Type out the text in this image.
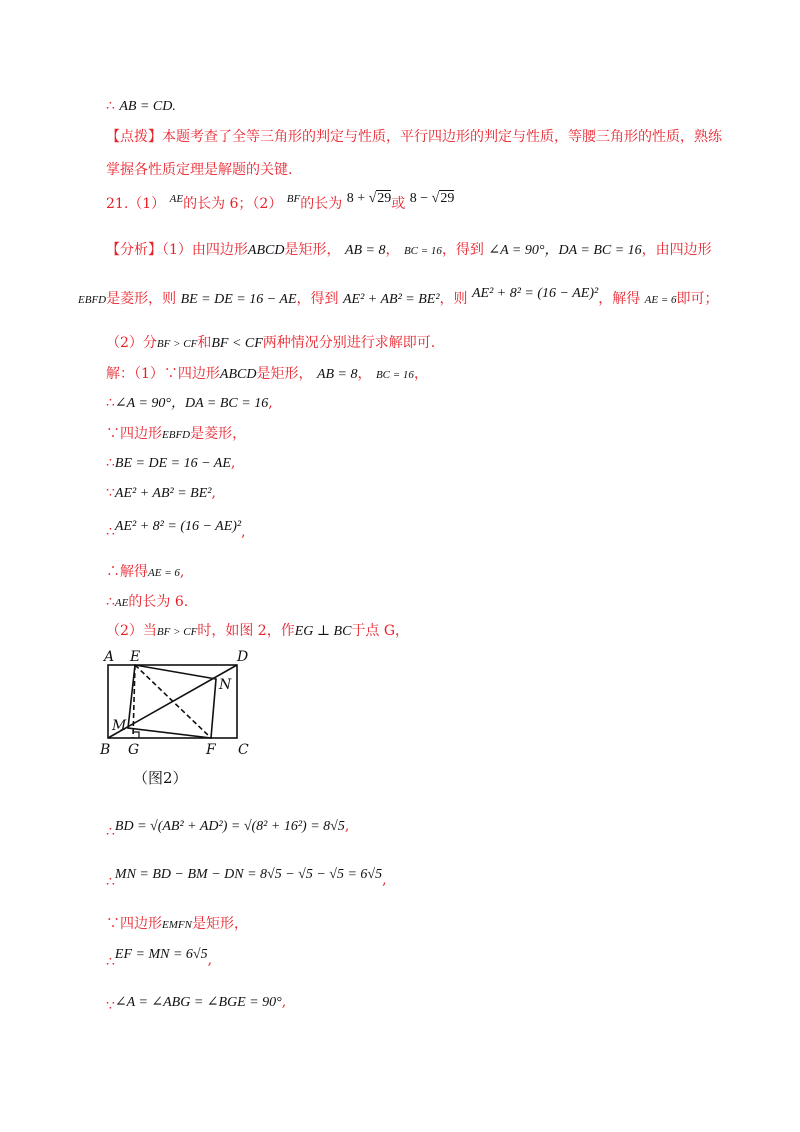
∴ AB = CD.
【点拨】本题考查了全等三角形的判定与性质，平行四边形的判定与性质，等腰三角形的性质，熟练
掌握各性质定理是解题的关键.
21.（1） $^{AE}$的长为 6；（2） $^{BF}$的长为 8 + √29或 8 − √29
【分析】（1）由四边形ABCD是矩形， AB = 8， BC = 16，得到 ∠A = 90°，DA = BC = 16，由四边形
EBFD是菱形，则 BE = DE = 16 − AE，得到 AE² + AB² = BE²，则 AE² + 8² = (16 − AE)²，解得 AE = 6即可；
（2）分BF > CF和BF < CF两种情况分别进行求解即可.
解：（1）∵四边形ABCD是矩形， AB = 8， BC = 16，
∴∠A = 90°，DA = BC = 16,
∵四边形EBFD是菱形，
∴BE = DE = 16 − AE,
∵AE² + AB² = BE²,
∴AE² + 8² = (16 − AE)²,
∴解得AE = 6,
∴AE的长为 6.
（2）当BF > CF时，如图 2，作EG ⊥ BC于点 G，
A E	D
N
M
B G	F C
（图2）
∴BD = √(AB² + AD²) = √(8² + 16²) = 8√5,
∴MN = BD − BM − DN = 8√5 − √5 − √5 = 6√5,
∵四边形EMFN是矩形，
∴EF = MN = 6√5,
∵∠A = ∠ABG = ∠BGE = 90°,
